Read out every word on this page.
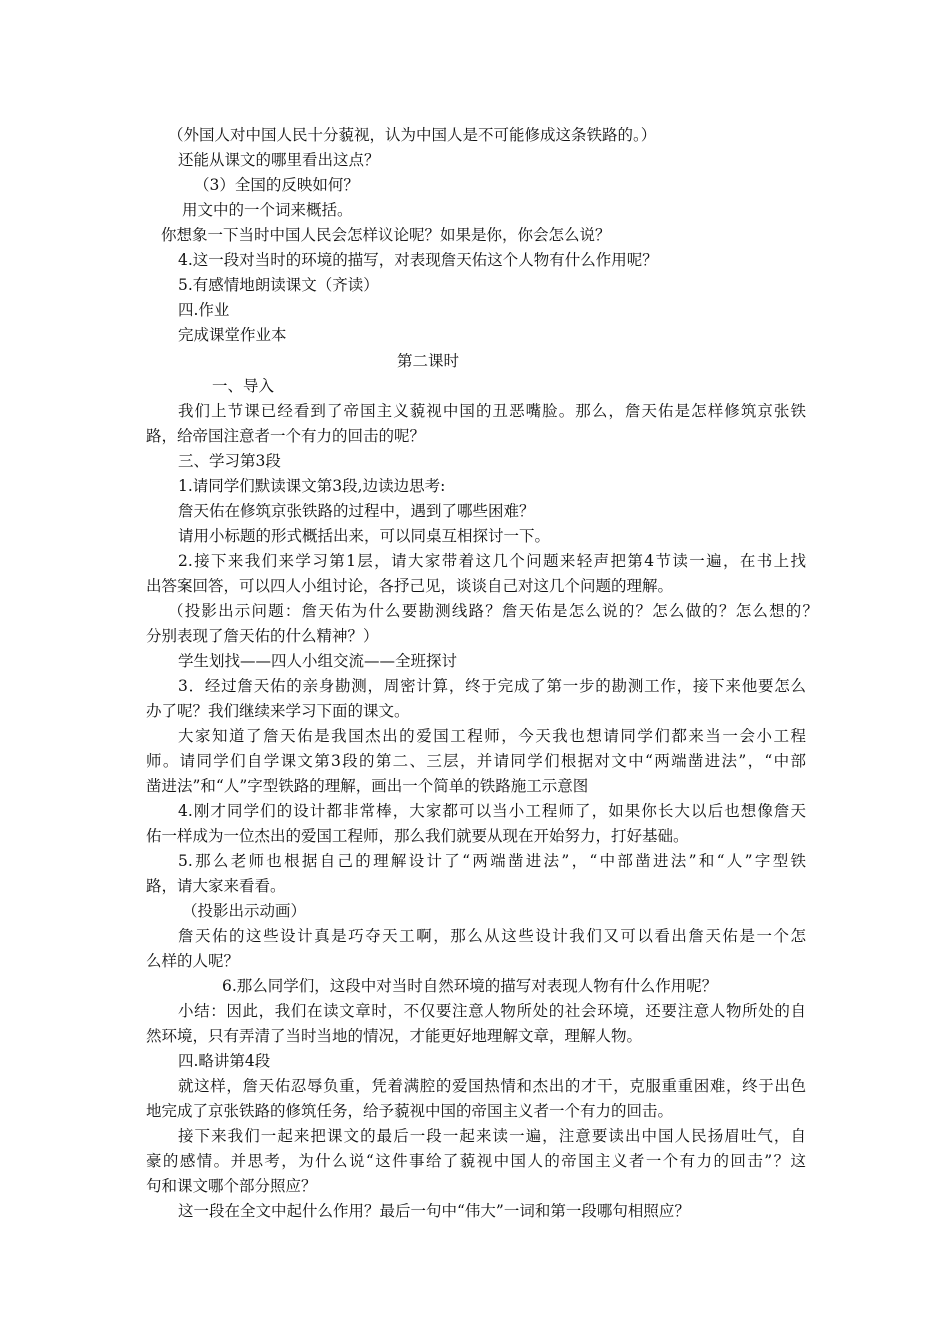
（外国人对中国人民十分藐视，认为中国人是不可能修成这条铁路的。）
还能从课文的哪里看出这点？
（3）全国的反映如何？
用文中的一个词来概括。
你想象一下当时中国人民会怎样议论呢？如果是你，你会怎么说？
4.这一段对当时的环境的描写，对表现詹天佑这个人物有什么作用呢？
5.有感情地朗读课文（齐读）
四.作业
完成课堂作业本
第二课时
一、导入
我们上节课已经看到了帝国主义藐视中国的丑恶嘴脸。那么，詹天佑是怎样修筑京张铁
路，给帝国注意者一个有力的回击的呢？
三、学习第3段
1.请同学们默读课文第3段,边读边思考:
詹天佑在修筑京张铁路的过程中，遇到了哪些困难？
请用小标题的形式概括出来，可以同桌互相探讨一下。
2.接下来我们来学习第1层，请大家带着这几个问题来轻声把第4节读一遍，在书上找
出答案回答，可以四人小组讨论，各抒己见，谈谈自己对这几个问题的理解。
（投影出示问题：詹天佑为什么要勘测线路？詹天佑是怎么说的？怎么做的？怎么想的？
分别表现了詹天佑的什么精神？）
学生划找——四人小组交流——全班探讨
3．经过詹天佑的亲身勘测，周密计算，终于完成了第一步的勘测工作，接下来他要怎么
办了呢？我们继续来学习下面的课文。
大家知道了詹天佑是我国杰出的爱国工程师，今天我也想请同学们都来当一会小工程
师。请同学们自学课文第3段的第二、三层，并请同学们根据对文中“两端凿进法”，“中部
凿进法”和“人”字型铁路的理解，画出一个简单的铁路施工示意图
4.刚才同学们的设计都非常棒，大家都可以当小工程师了，如果你长大以后也想像詹天
佑一样成为一位杰出的爱国工程师，那么我们就要从现在开始努力，打好基础。
5.那么老师也根据自己的理解设计了“两端凿进法”，“中部凿进法”和“人”字型铁
路，请大家来看看。
（投影出示动画）
詹天佑的这些设计真是巧夺天工啊，那么从这些设计我们又可以看出詹天佑是一个怎
么样的人呢？
6.那么同学们，这段中对当时自然环境的描写对表现人物有什么作用呢？
小结：因此，我们在读文章时，不仅要注意人物所处的社会环境，还要注意人物所处的自
然环境，只有弄清了当时当地的情况，才能更好地理解文章，理解人物。
四.略讲第4段
就这样，詹天佑忍辱负重，凭着满腔的爱国热情和杰出的才干，克服重重困难，终于出色
地完成了京张铁路的修筑任务，给予藐视中国的帝国主义者一个有力的回击。
接下来我们一起来把课文的最后一段一起来读一遍，注意要读出中国人民扬眉吐气，自
豪的感情。并思考，为什么说“这件事给了藐视中国人的帝国主义者一个有力的回击”？这
句和课文哪个部分照应？
这一段在全文中起什么作用？最后一句中“伟大”一词和第一段哪句相照应？
